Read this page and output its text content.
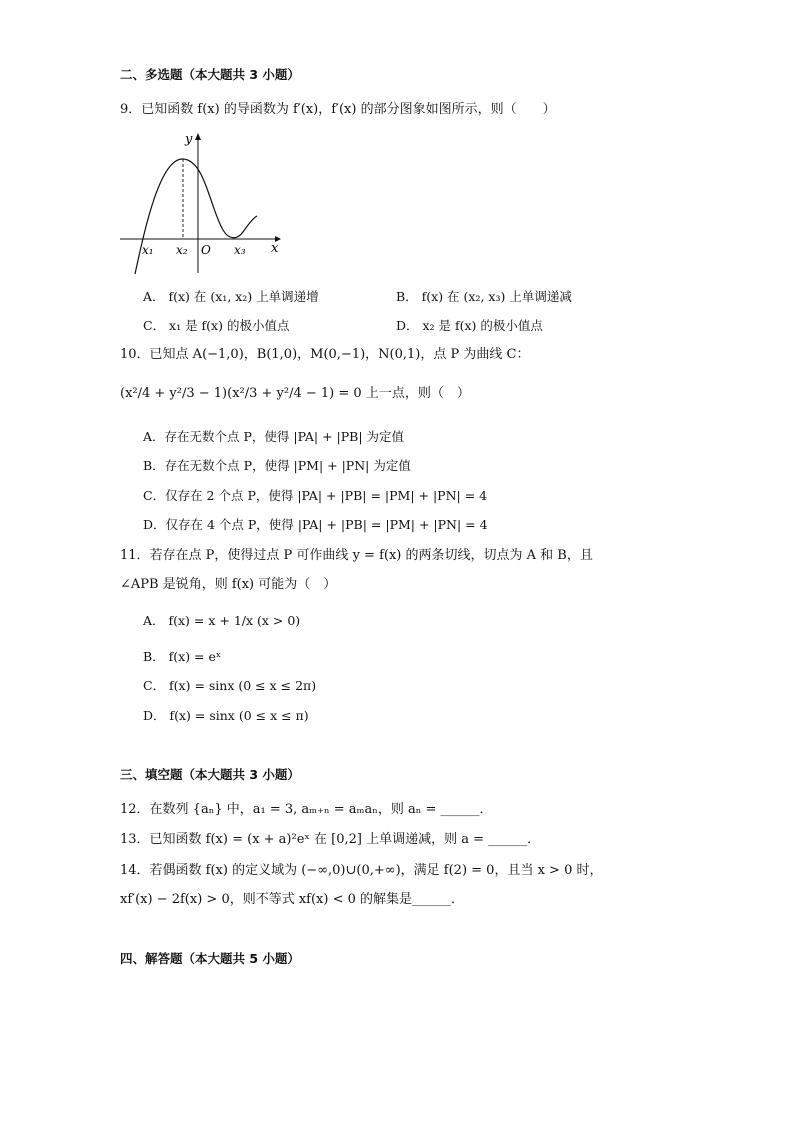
二、多选题（本大题共 3 小题）
9．已知函数 f(x) 的导函数为 f′(x)，f′(x) 的部分图象如图所示，则（　　）
y
x
O
x₁ x₂	x₃
A． f(x) 在 (x₁, x₂) 上单调递增	B． f(x) 在 (x₂, x₃) 上单调递减
C． x₁ 是 f(x) 的极小值点	D． x₂ 是 f(x) 的极小值点
10．已知点 A(−1,0)，B(1,0)，M(0,−1)，N(0,1)，点 P 为曲线 C：
(x²/4 + y²/3 − 1)(x²/3 + y²/4 − 1) = 0 上一点，则（　）
A．存在无数个点 P，使得 |PA| + |PB| 为定值
B．存在无数个点 P，使得 |PM| + |PN| 为定值
C．仅存在 2 个点 P，使得 |PA| + |PB| = |PM| + |PN| = 4
D．仅存在 4 个点 P，使得 |PA| + |PB| = |PM| + |PN| = 4
11．若存在点 P，使得过点 P 可作曲线 y = f(x) 的两条切线，切点为 A 和 B，且
∠APB 是锐角，则 f(x) 可能为（　）
A． f(x) = x + 1/x (x > 0)
B． f(x) = eˣ
C． f(x) = sinx (0 ≤ x ≤ 2π)
D． f(x) = sinx (0 ≤ x ≤ π)
三、填空题（本大题共 3 小题）
12．在数列 {aₙ} 中，a₁ = 3, aₘ₊ₙ = aₘaₙ，则 aₙ = ______．
13．已知函数 f(x) = (x + a)²eˣ 在 [0,2] 上单调递减，则 a = ______．
14．若偶函数 f(x) 的定义域为 (−∞,0)∪(0,+∞)，满足 f(2) = 0，且当 x > 0 时，
xf′(x) − 2f(x) > 0，则不等式 xf(x) < 0 的解集是______．
四、解答题（本大题共 5 小题）
